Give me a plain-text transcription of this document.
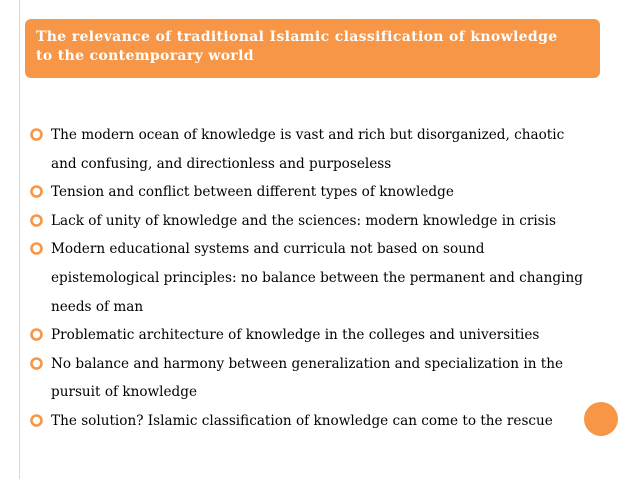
The relevance of traditional Islamic classification of knowledge
to the contemporary world
The modern ocean of knowledge is vast and rich but disorganized, chaotic
and confusing, and directionless and purposeless
Tension and conflict between different types of knowledge
Lack of unity of knowledge and the sciences: modern knowledge in crisis
Modern educational systems and curricula not based on sound
epistemological principles: no balance between the permanent and changing
needs of man
Problematic architecture of knowledge in the colleges and universities
No balance and harmony between generalization and specialization in the
pursuit of knowledge
The solution? Islamic classification of knowledge can come to the rescue
